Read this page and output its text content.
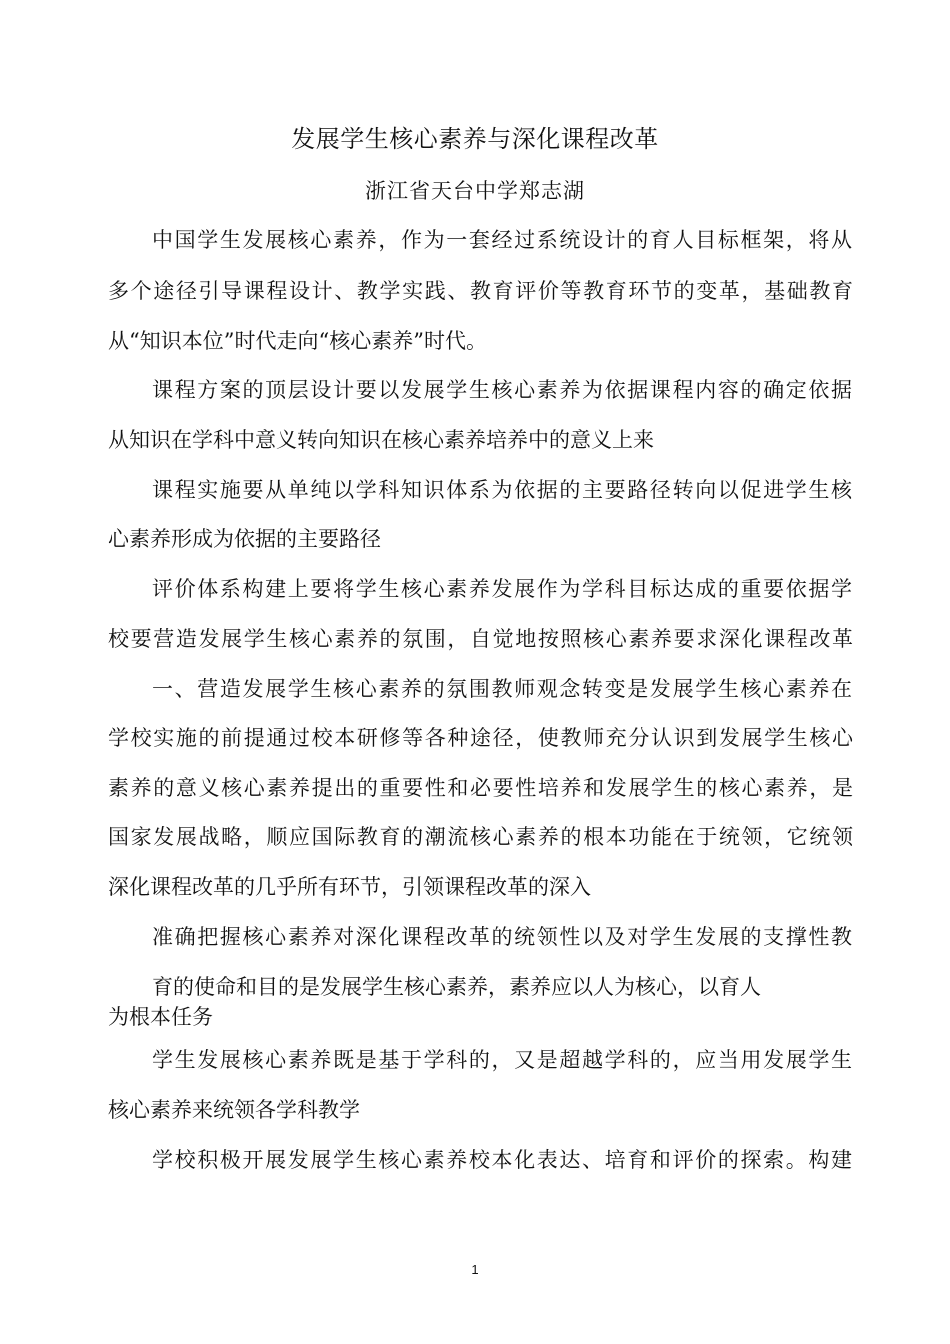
发展学生核心素养与深化课程改革
浙江省天台中学郑志湖
中国学生发展核心素养，作为一套经过系统设计的育人目标框架，将从
多个途径引导课程设计、教学实践、教育评价等教育环节的变革，基础教育
从“知识本位”时代走向“核心素养”时代。
课程方案的顶层设计要以发展学生核心素养为依据课程内容的确定依据
从知识在学科中意义转向知识在核心素养培养中的意义上来
课程实施要从单纯以学科知识体系为依据的主要路径转向以促进学生核
心素养形成为依据的主要路径
评价体系构建上要将学生核心素养发展作为学科目标达成的重要依据学
校要营造发展学生核心素养的氛围，自觉地按照核心素养要求深化课程改革
一、营造发展学生核心素养的氛围教师观念转变是发展学生核心素养在
学校实施的前提通过校本研修等各种途径，使教师充分认识到发展学生核心
素养的意义核心素养提出的重要性和必要性培养和发展学生的核心素养，是
国家发展战略，顺应国际教育的潮流核心素养的根本功能在于统领，它统领
深化课程改革的几乎所有环节，引领课程改革的深入
准确把握核心素养对深化课程改革的统领性以及对学生发展的支撑性教
育的使命和目的是发展学生核心素养，素养应以人为核心，以育人
为根本任务
学生发展核心素养既是基于学科的，又是超越学科的，应当用发展学生
核心素养来统领各学科教学
学校积极开展发展学生核心素养校本化表达、培育和评价的探索。构建
1
